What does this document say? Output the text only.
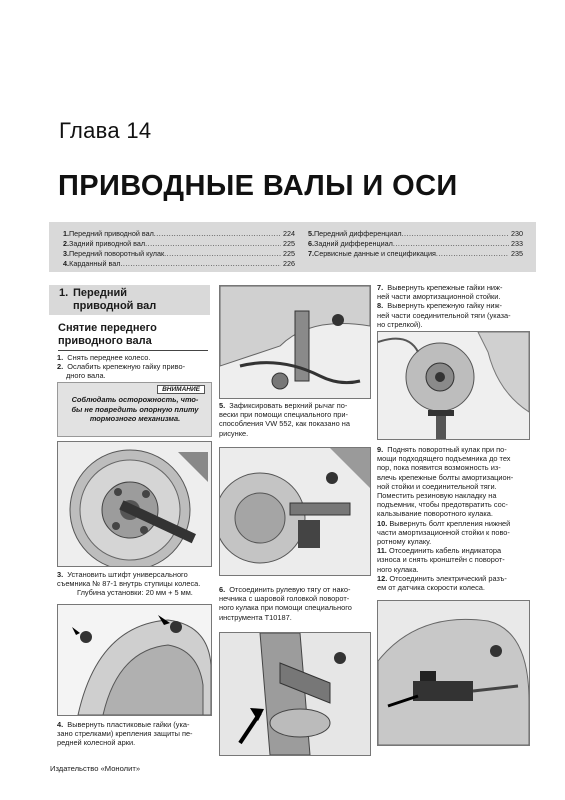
Глава 14
ПРИВОДНЫЕ ВАЛЫ И ОСИ
1. Передний приводной вал .....	224
2. Задний приводной вал .....	225
3. Передний поворотный кулак .....	225
4. Карданный вал .....	226
5. Передний дифференциал .....	230
6. Задний дифференциал .....	233
7. Сервисные данные и спецификация .....	235
1. Передний
приводной вал
Снятие переднего
приводного вала
1. Снять переднее колесо.
2. Ослабить крепежную гайку приво-
дного вала.
ВНИМАНИЕ
Соблюдать осторожность, что-
бы не повредить опорную плиту
тормозного механизма.
3. Установить штифт универсального
съемника № 87-1 внутрь ступицы колеса.
Глубина установки: 20 мм + 5 мм.
4. Вывернуть пластиковые гайки (ука-
зано стрелками) крепления защиты пе-
редней колесной арки.
5. Зафиксировать верхний рычаг по-
вески при помощи специального при-
способления VW 552, как показано на
рисунке.
6. Отсоединить рулевую тягу от нако-
нечника с шаровой головкой поворот-
ного кулака при помощи специального
инструмента T10187.
7. Вывернуть крепежные гайки ниж-
ней части амортизационной стойки.
8. Вывернуть крепежную гайку ниж-
ней части соединительной тяги (указа-
но стрелкой).
9. Поднять поворотный кулак при по-
мощи подходящего подъемника до тех
пор, пока появится возможность из-
влечь крепежные болты амортизацион-
ной стойки и соединительной тяги.
Поместить резиновую накладку на
подъемник, чтобы предотвратить сос-
кальзывание поворотного кулака.
10. Вывернуть болт крепления нижней
части амортизационной стойки к пово-
ротному кулаку.
11. Отсоединить кабель индикатора
износа и снять кронштейн с поворот-
ного кулака.
12. Отсоединить электрический разъ-
ем от датчика скорости колеса.
Издательство «Монолит»
